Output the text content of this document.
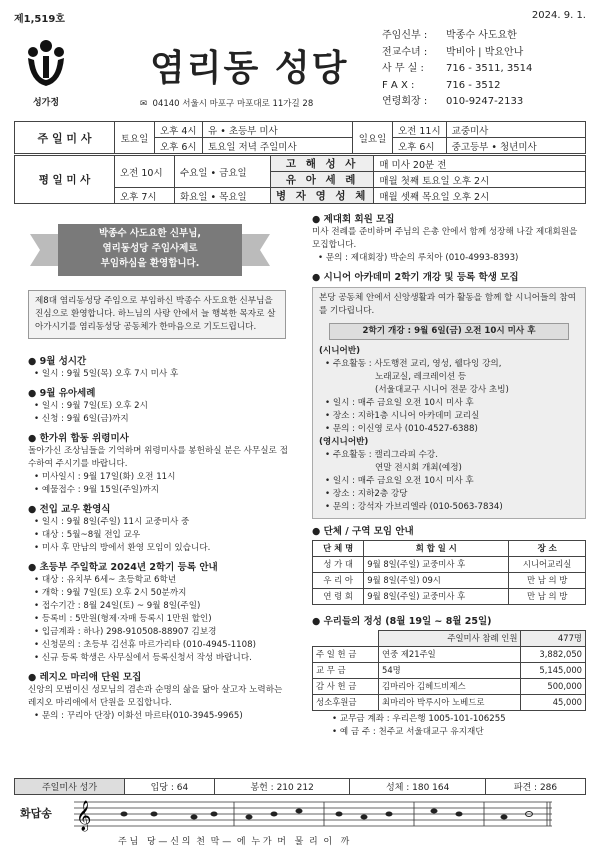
제1,519호	2024. 9. 1.
성가정
염리동 성당
✉ 04140 서울시 마포구 마포대로 11가길 28
주임신부 : 박종수 사도요한
전교수녀 : 박비아 | 박요안나
사 무 실 : 716 - 3511, 3514
F A X :	716 - 3512
연령회장 : 010-9247-2133
주 일 미 사	토요일	오후 4시	유 • 초등부 미사	일요일	오전 11시	교중미사
		오후 6시	토요일 저녁 주일미사		오후 6시	중고등부 • 청년미사
평 일 미 사	오전 10시	수요일 • 금요일	고 해 성 사	매 미사 20분 전
			유 아 세 례	매월 첫째 토요일 오후 2시
	오후 7시	화요일 • 목요일	병 자 영 성 체	매월 셋째 목요일 오후 2시
박종수 사도요한 신부님,
염리동성당 주임사제로
부임하심을 환영합니다.
제8대 염리동성당 주임으로 부임하신 박종수 사도요한 신부님을 진심으로 환영합니다. 하느님의 사랑 안에서 늘 행복한 목자로 살아가시기를 염리동성당 공동체가 한마음으로 기도드립니다.
● 9월 성시간
• 일시 : 9월 5일(목) 오후 7시 미사 후
● 9월 유아세례
• 일시 : 9월 7일(토) 오후 2시
• 신청 : 9월 6일(금)까지
● 한가위 합동 위령미사
돌아가신 조상님들을 기억하며 위령미사를 봉헌하실 분은 사무실로 접수하여 주시기를 바랍니다.
• 미사일시 : 9월 17일(화) 오전 11시
• 예물접수 : 9월 15일(주일)까지
● 전입 교우 환영식
• 일시 : 9월 8일(주일) 11시 교중미사 중
• 대상 : 5월~8월 전입 교우
• 미사 후 만남의 방에서 환영 모임이 있습니다.
● 초등부 주일학교 2024년 2학기 등록 안내
• 대상 : 유치부 6세~ 초등학교 6학년
• 개학 : 9월 7일(토) 오후 2시 50분까지
• 접수기간 : 8월 24일(토) ~ 9월 8일(주일)
• 등록비 : 5만원(형제·자매 등록시 1만원 할인)
• 입금계좌 : 하나) 298-910508-88907 김보경
• 신청문의 : 초등부 김선휴 마르가리타 (010-4945-1108)
• 신규 등록 학생은 사무실에서 등록신청서 작성 바랍니다.
● 레지오 마리애 단원 모집
신앙의 모범이신 성모님의 겸손과 순명의 삶을 닮아 살고자 노력하는 레지오 마리애에서 단원을 모집합니다.
• 문의 : 꾸리아 단장) 이화선 마르타(010-3945-9965)
● 제대회 회원 모집
미사 전례를 준비하며 주님의 은총 안에서 함께 성장해 나갈 제대회원을 모집합니다.
• 문의 : 제대회장) 박순의 루치아 (010-4993-8393)
● 시니어 아카데미 2학기 개강 및 등록 학생 모집
본당 공동체 안에서 신앙생활과 여가 활동을 함께 할 시니어들의 참여를 기다립니다.
2학기 개강 : 9월 6일(금) 오전 10시 미사 후
(시니어반)
• 주요활동 : 사도행전 교리, 영성, 웰다잉 강의,
노래교실, 레크레이션 등
(서울대교구 시니어 전문 강사 초빙)
• 일시 : 매주 금요일 오전 10시 미사 후
• 장소 : 지하1층 시니어 아카데미 교리실
• 문의 : 이신영 로사 (010-4527-6388)
(영시니어반)
• 주요활동 : 캘리그라피 수강.
연말 전시회 개최(예정)
• 일시 : 매주 금요일 오전 10시 미사 후
• 장소 : 지하2층 강당
• 문의 : 강석자 가브리엘라 (010-5063-7834)
● 단체 / 구역 모임 안내
단 체 명	회 합 일 시	장 소
성 가 대	9월 8일(주일) 교중미사 후	시니어교리실
우 리 아	9월 8일(주일) 09시	만 남 의 방
연 령 회	9월 8일(주일) 교중미사 후	만 남 의 방
● 우리들의 정성 (8월 19일 ~ 8월 25일)
	주일미사 참례 인원	477명
주 일 헌 금	연중 제21주일	3,882,050
교 무 금	54명	5,145,000
감 사 헌 금	김마리아 김헤드비제스	500,000
성소후원금	최마리아 박루시아 노베드로	45,000
• 교무금 계좌 : 우리은행 1005-101-106255
• 예 금 주 : 천주교 서울대교구 유지재단
주일미사 성가	입당 : 64	봉헌 : 210 212	성체 : 180 164	파견 : 286
화답송 𝄞
주 님   당 — 신 의  천  막 —  에  누 가  머   물  리  이   까
